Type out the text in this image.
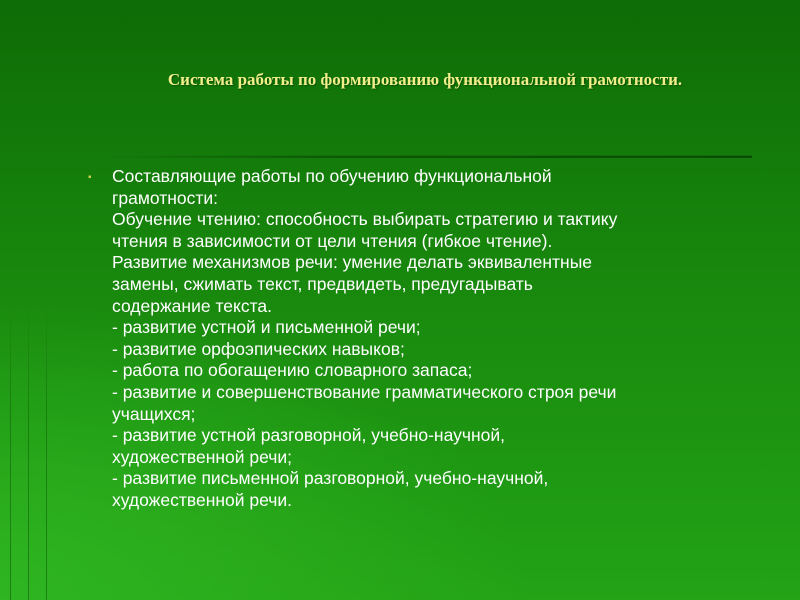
Система работы по формированию функциональной грамотности.
▪ Составляющие работы по обучению функциональной
грамотности:
Обучение чтению: способность выбирать стратегию и тактику
чтения в зависимости от цели чтения (гибкое чтение).
Развитие механизмов речи: умение делать эквивалентные
замены, сжимать текст, предвидеть, предугадывать
содержание текста.
- развитие устной и письменной речи;
- развитие орфоэпических навыков;
- работа по обогащению словарного запаса;
- развитие и совершенствование грамматического строя речи
учащихся;
- развитие устной разговорной, учебно-научной,
художественной речи;
- развитие письменной разговорной, учебно-научной,
художественной речи.
